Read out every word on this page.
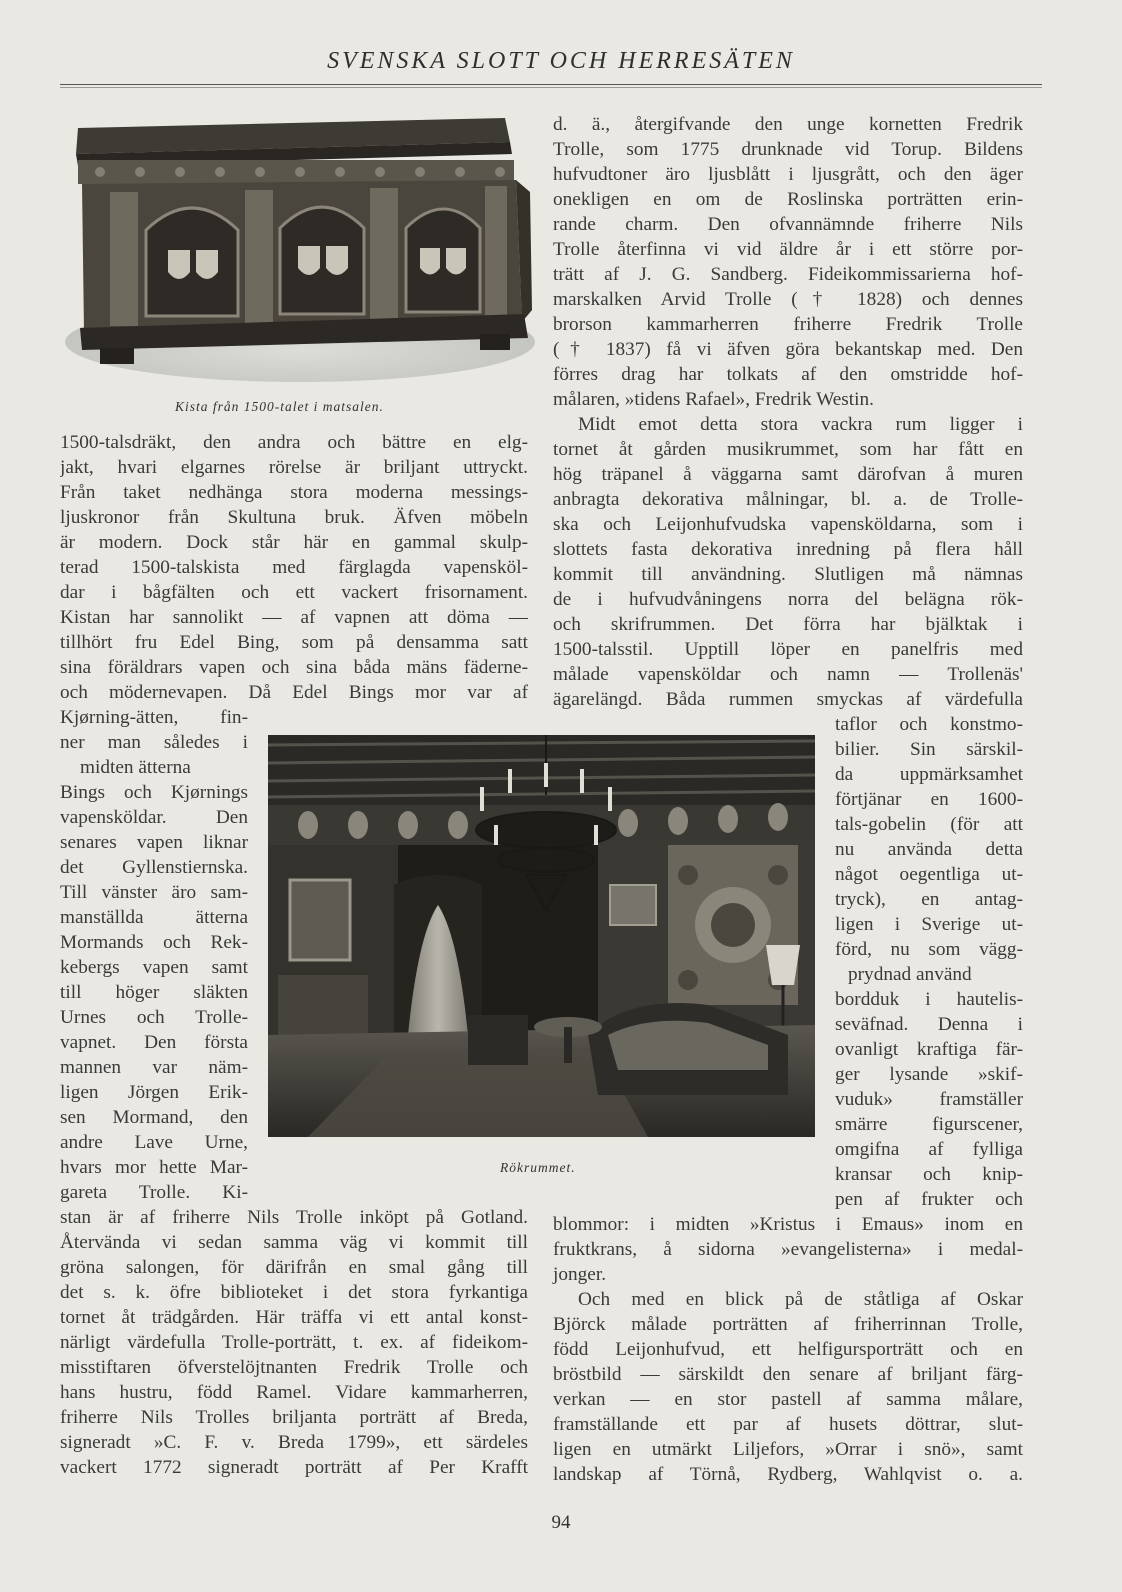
SVENSKA SLOTT OCH HERRESÄTEN
Kista från 1500-talet i matsalen.
Rökrummet.
1500-talsdräkt, den andra och bättre en elg-
jakt, hvari elgarnes rörelse är briljant uttryckt.
Från taket nedhänga stora moderna messings-
ljuskronor från Skultuna bruk. Äfven möbeln
är modern. Dock står här en gammal skulp-
terad 1500-talskista med färglagda vapensköl-
dar i bågfälten och ett vackert frisornament.
Kistan har sannolikt — af vapnen att döma —
tillhört fru Edel Bing, som på densamma satt
sina föräldrars vapen och sina båda mäns fäderne-
och mödernevapen. Då Edel Bings mor var af
Kjørning-ätten, fin-
ner man således i
midten ätterna
Bings och Kjørnings
vapensköldar. Den
senares vapen liknar
det Gyllenstiernska.
Till vänster äro sam-
manställda ätterna
Mormands och Rek-
kebergs vapen samt
till höger släkten
Urnes och Trolle-
vapnet. Den första
mannen var näm-
ligen Jörgen Erik-
sen Mormand, den
andre Lave Urne,
hvars mor hette Mar-
gareta Trolle. Ki-
stan är af friherre Nils Trolle inköpt på Gotland.
Återvända vi sedan samma väg vi kommit till
gröna salongen, för därifrån en smal gång till
det s. k. öfre biblioteket i det stora fyrkantiga
tornet åt trädgården. Här träffa vi ett antal konst-
närligt värdefulla Trolle-porträtt, t. ex. af fideikom-
misstiftaren öfverstelöjtnanten Fredrik Trolle och
hans hustru, född Ramel. Vidare kammarherren,
friherre Nils Trolles briljanta porträtt af Breda,
signeradt »C. F. v. Breda 1799», ett särdeles
vackert 1772 signeradt porträtt af Per Krafft
d. ä., återgifvande den unge kornetten Fredrik
Trolle, som 1775 drunknade vid Torup. Bildens
hufvudtoner äro ljusblått i ljusgrått, och den äger
onekligen en om de Roslinska porträtten erin-
rande charm. Den ofvannämnde friherre Nils
Trolle återfinna vi vid äldre år i ett större por-
trätt af J. G. Sandberg. Fideikommissarierna hof-
marskalken Arvid Trolle († 1828) och dennes
brorson kammarherren friherre Fredrik Trolle
(† 1837) få vi äfven göra bekantskap med. Den
förres drag har tolkats af den omstridde hof-
målaren, »tidens Rafael», Fredrik Westin.
Midt emot detta stora vackra rum ligger i
tornet åt gården musikrummet, som har fått en
hög träpanel å väggarna samt därofvan å muren
anbragta dekorativa målningar, bl. a. de Trolle-
ska och Leijonhufvudska vapensköldarna, som i
slottets fasta dekorativa inredning på flera håll
kommit till användning. Slutligen må nämnas
de i hufvudvåningens norra del belägna rök-
och skrifrummen. Det förra har bjälktak i
1500-talsstil. Upptill löper en panelfris med
målade vapensköldar och namn — Trollenäs'
ägarelängd. Båda rummen smyckas af värdefulla
taflor och konstmo-
bilier. Sin särskil-
da uppmärksamhet
förtjänar en 1600-
tals-gobelin (för att
nu använda detta
något oegentliga ut-
tryck), en antag-
ligen i Sverige ut-
förd, nu som vägg-
prydnad använd
bordduk i hautelis-
seväfnad. Denna i
ovanligt kraftiga fär-
ger lysande »skif-
vuduk» framställer
smärre figurscener,
omgifna af fylliga
kransar och knip-
pen af frukter och
blommor: i midten »Kristus i Emaus» inom en
fruktkrans, å sidorna »evangelisterna» i medal-
jonger.
Och med en blick på de ståtliga af Oskar
Björck målade porträtten af friherrinnan Trolle,
född Leijonhufvud, ett helfigursporträtt och en
bröstbild — särskildt den senare af briljant färg-
verkan — en stor pastell af samma målare,
framställande ett par af husets döttrar, slut-
ligen en utmärkt Liljefors, »Orrar i snö», samt
landskap af Törnå, Rydberg, Wahlqvist o. a.
94
